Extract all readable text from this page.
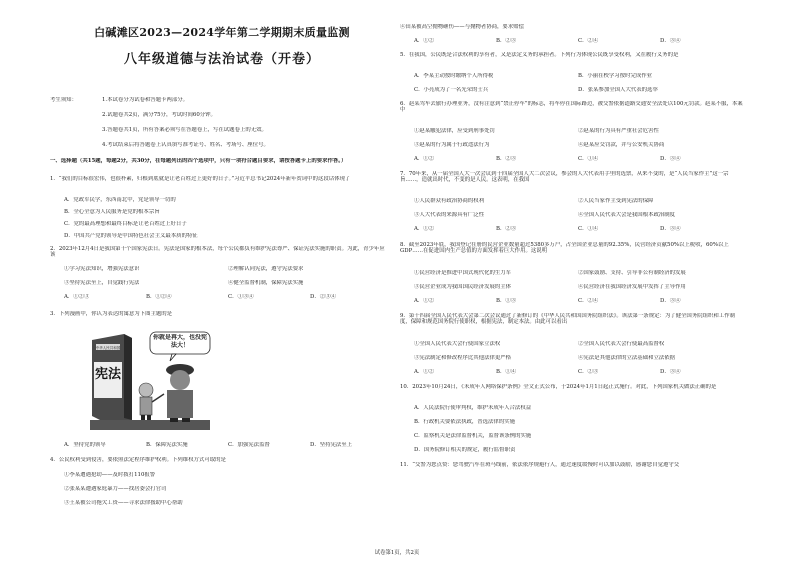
白碱滩区2023—2024学年第二学期期末质量监测
八年级道德与法治试卷（开卷）
考生须知：	1.本试卷分为试卷和答题卡两部分。
2.试题卷共2页，满分75分，考试时间60分钟。
3.答题卷共1页，所有答案必须写在答题卷上，写在试题卷上的无效。
4.考试结束后将答题卷上认真填写准考证号、姓名、考场号、座位号。
一、选择题（共15题，每题2分，共30分，在每题列出的四个选项中，只有一项符合题目要求，请按答题卡上的要求作答。）
1．“我们的目标很宏伟，也很朴素，归根到底就是让老百姓过上更好的日子。”习近平总书记2024年新年贺词中的这段话体现了
A．党政军民学，东西南北中，党是领导一切的
B．全心全意为人民服务是党的根本宗旨
C．党的最高理想和最终目标是让老百姓过上好日子
D．中国共产党的领导是中国特色社会主义最本质的特征
2．2023年12月4日是我国第十个国家宪法日。宪法是国家的根本法，每个公民都负有维护宪法尊严、保证宪法实施的职责。为此，青少年应该
①学习宪法知识，增强宪法意识	②理解认同宪法，遵守宪法要求
③坚持宪法至上，自觉践行宪法	④健全监督机制，保障宪法实施
A．①②③	B．①②④	C．①③④	D．②③④
3．下列漫画中，你认为表达的寓意为下图主题的是
中华人民共和国
宪法
你就是再大，也没宪法大！
A．坚持党的领导	B．保障宪法实施	C．加强宪法监督	D．坚持宪法至上
4．公民权利受到侵害，要依照法定程序维护权利。下列维权方式可取的是
①李某遭遇抢劫——及时拨打110报警
②张某某遭遇家庭暴力——找居委会打官司
③王某被公司拖欠工资——寻求法律援助中心帮助
④田某被高空抛物砸伤——与抛物者协商，要求赔偿
A．①②	B．②③	C．②④	D．③④
5．在我国，公民既是合法权利的享有者，又是法定义务的承担者。下列行为体现公民既享受权利，又在履行义务的是
A．李某主动按时缴纳个人所得税	B．小丽在校学习按时完成作业
C．小亮成为了一名光荣的士兵	D．张某参加全国人大代表的选举
6．赵某驾车去旅行办理业务，没有注意到“禁止停车”的标志，将车停在国际路边，被交警依据道路交通安全法处以100元罚款。赵某不服，本案中
①赵某触犯法律，应受到刑事处罚	②赵某的行为具有严重社会危害性
③赵某的行为属于行政违法行为	④赵某应交罚款，并与公安机关协商
A．①②	B．②③	C．①④	D．③④
7．70年来，从一届全国人大一次会议到十四届全国人大二次会议，参会的人大代表用手里的选票，从来不变的，是“人民当家作主”这一宗旨……，造就出时代，不变的是人民。这表明，在我国
①人民群众有政治协商的权利	②人民当家作主受到宪法的保障
③人大代表的来源具有广泛性	④全国人民代表大会是我国根本政治制度
A．①②	B．②③	C．①④	D．③④
8．截至2023年底，我国登记在册的民营企业数量超过5380多万户，占全国企业总量的92.35%，民营经济贡献50%以上税收，60%以上GDP……在促进国内生产总值的方面发挥着巨大作用。这说明
①民营经济是推进中国式现代化的生力军	②国家鼓励、支持、引导非公有制经济的发展
③民营企业成为我国国民经济发展的主体	④民营经济在我国经济发展中发挥了主导作用
A．①②	B．①③	C．②④	D．③④
9．第十四届全国人民代表大会第二次会议通过了新修订的《中华人民共和国国务院组织法》。该法第一条规定：为了健全国务院组织和工作制度，保障和规范国务院行使职权，根据宪法，制定本法。由此可以看出
①全国人民代表大会行使国家立法权	②全国人民代表大会行使最高监督权
③宪法制定和修改程序比其他法律更严格	④宪法是其他法律的立法基础和立法依据
A．①②	B．①④	C．②③	D．③④
10．2023年10月24日，《未成年人网络保护条例》全文正式公布，于2024年1月1日起正式施行。对此，下列国家机关做法正确的是
A．人民法院行使审判权，维护未成年人合法权益
B．行政机关要依法执政，普选法律的实施
C．监察机关是法律监督机关，监督该条例的实施
D．国务院修订相关的规定，履行监督职责
11．“交警为您点赞：您驾驶汽车在斑马线前，依法依序规避行人，通过速度缓慢时可以加以鼓励，感谢您自觉遵守交
试卷第1页，共2页
